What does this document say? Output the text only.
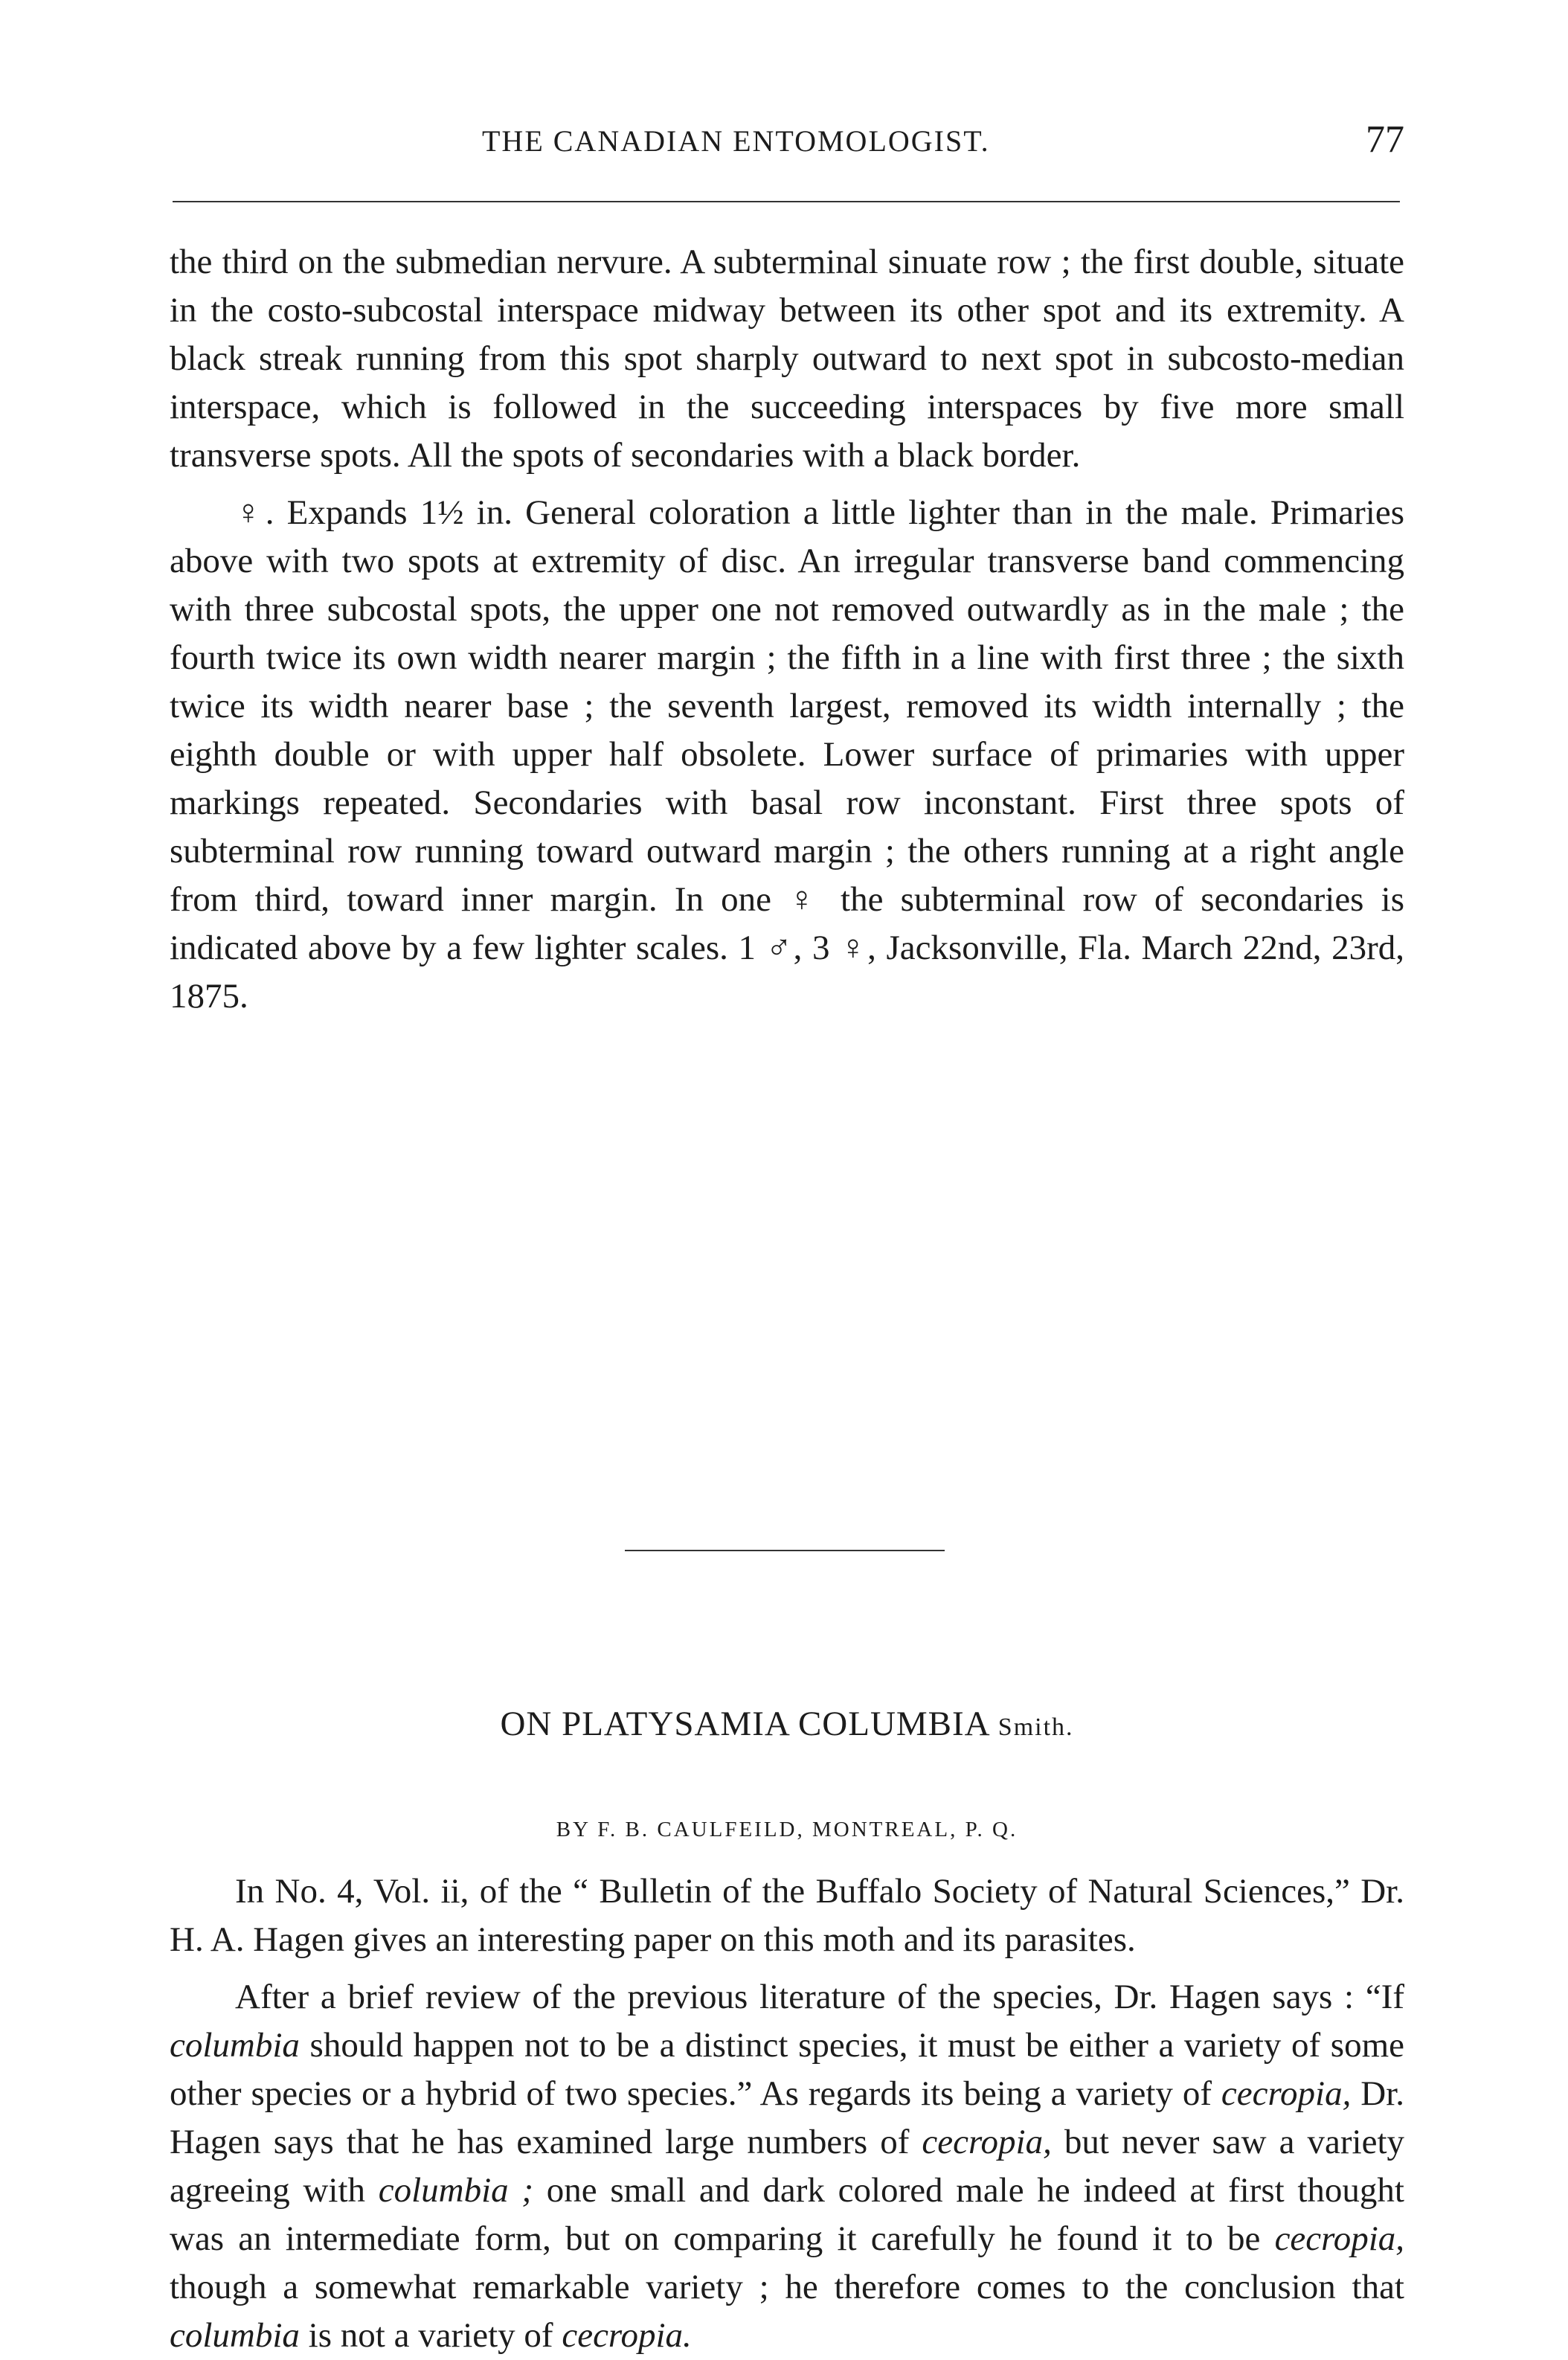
THE CANADIAN ENTOMOLOGIST.	77

the third on the submedian nervure. A subterminal sinuate row ; the first double, situate in the costo-subcostal interspace midway between its other spot and its extremity. A black streak running from this spot sharply outward to next spot in subcosto-median interspace, which is followed in the succeeding interspaces by five more small transverse spots. All the spots of secondaries with a black border.

♀. Expands 1½ in. General coloration a little lighter than in the male. Primaries above with two spots at extremity of disc. An irregular transverse band commencing with three subcostal spots, the upper one not removed outwardly as in the male ; the fourth twice its own width nearer margin ; the fifth in a line with first three ; the sixth twice its width nearer base ; the seventh largest, removed its width internally ; the eighth double or with upper half obsolete. Lower surface of primaries with upper markings repeated. Secondaries with basal row inconstant. First three spots of subterminal row running toward outward margin ; the others running at a right angle from third, toward inner margin. In one ♀ the subterminal row of secondaries is indicated above by a few lighter scales. 1 ♂, 3 ♀, Jacksonville, Fla. March 22nd, 23rd, 1875.

ON PLATYSAMIA COLUMBIA Smith.
BY F. B. CAULFEILD, MONTREAL, P. Q.

In No. 4, Vol. ii, of the “ Bulletin of the Buffalo Society of Natural Sciences,” Dr. H. A. Hagen gives an interesting paper on this moth and its parasites.

After a brief review of the previous literature of the species, Dr. Hagen says : “If columbia should happen not to be a distinct species, it must be either a variety of some other species or a hybrid of two species.” As regards its being a variety of cecropia, Dr. Hagen says that he has examined large numbers of cecropia, but never saw a variety agreeing with columbia ; one small and dark colored male he indeed at first thought was an intermediate form, but on comparing it carefully he found it to be cecropia, though a somewhat remarkable variety ; he therefore comes to the conclusion that columbia is not a variety of cecropia.
